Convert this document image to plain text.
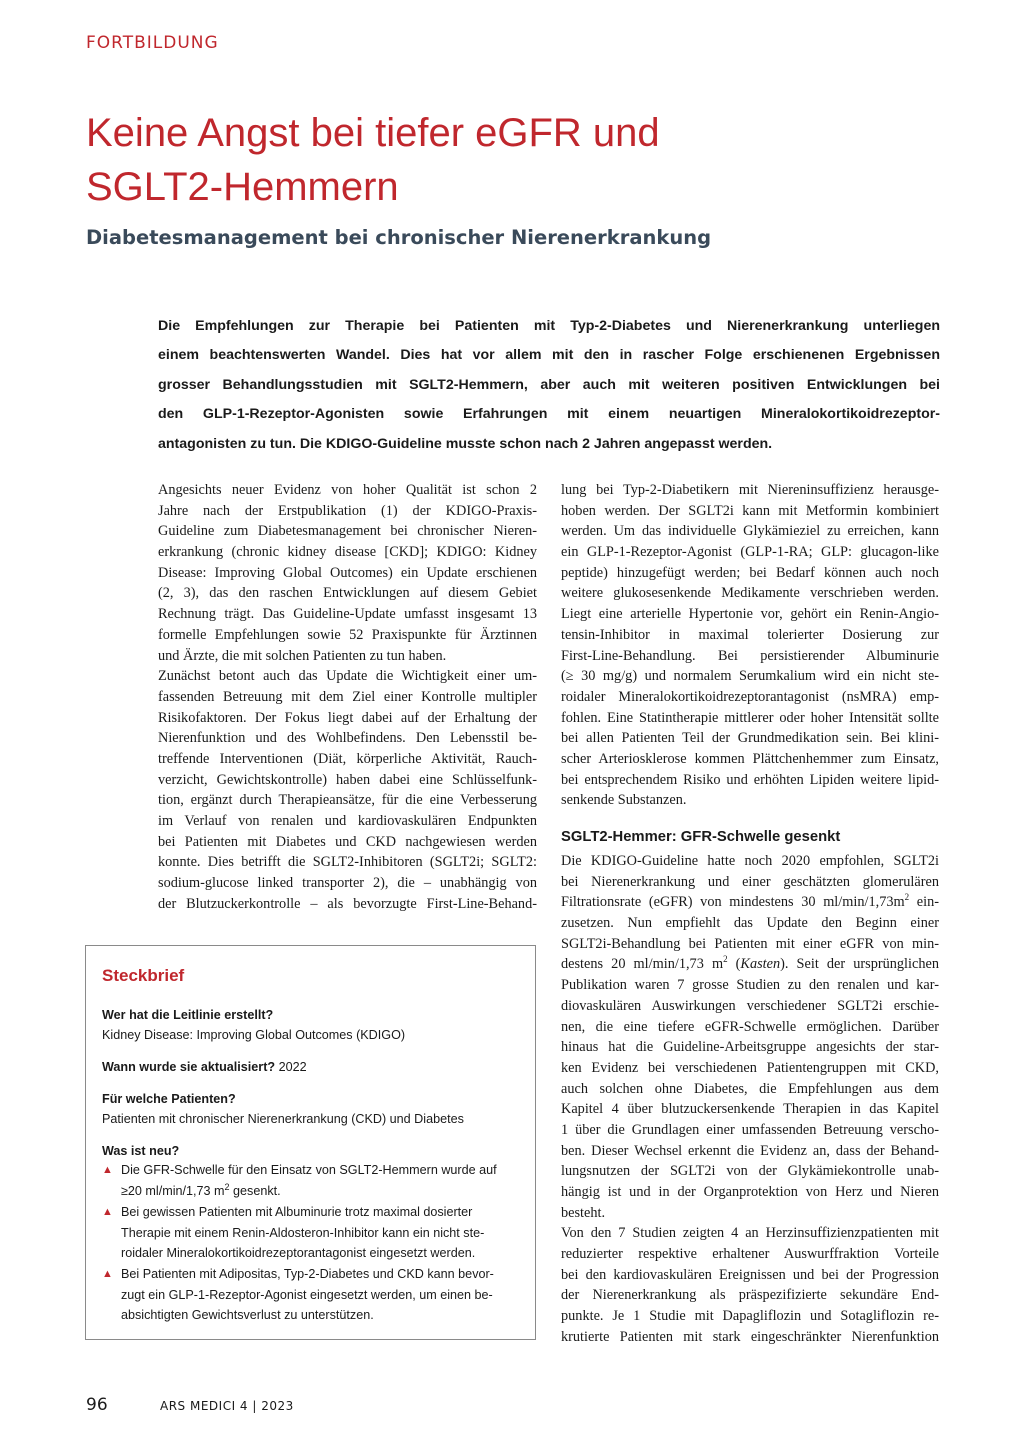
FORTBILDUNG
Keine Angst bei tiefer eGFR und
SGLT2-Hemmern
Diabetesmanagement bei chronischer Nierenerkrankung
Die Empfehlungen zur Therapie bei Patienten mit Typ-2-Diabetes und Nierenerkrankung unterliegen
einem beachtenswerten Wandel. Dies hat vor allem mit den in rascher Folge erschienenen Ergebnissen
grosser Behandlungsstudien mit SGLT2-Hemmern, aber auch mit weiteren positiven Entwicklungen bei
den GLP-1-Rezeptor-Agonisten sowie Erfahrungen mit einem neuartigen Mineralokortikoidrezeptor-
antagonisten zu tun. Die KDIGO-Guideline musste schon nach 2 Jahren angepasst werden.
Angesichts neuer Evidenz von hoher Qualität ist schon 2
Jahre nach der Erstpublikation (1) der KDIGO-Praxis-
Guideline zum Diabetesmanagement bei chronischer Nieren-
erkrankung (chronic kidney disease [CKD]; KDIGO: Kidney
Disease: Improving Global Outcomes) ein Update erschienen
(2, 3), das den raschen Entwicklungen auf diesem Gebiet
Rechnung trägt. Das Guideline-Update umfasst insgesamt 13
formelle Empfehlungen sowie 52 Praxispunkte für Ärztinnen
und Ärzte, die mit solchen Patienten zu tun haben.
Zunächst betont auch das Update die Wichtigkeit einer um-
fassenden Betreuung mit dem Ziel einer Kontrolle multipler
Risikofaktoren. Der Fokus liegt dabei auf der Erhaltung der
Nierenfunktion und des Wohlbefindens. Den Lebensstil be-
treffende Interventionen (Diät, körperliche Aktivität, Rauch-
verzicht, Gewichtskontrolle) haben dabei eine Schlüsselfunk-
tion, ergänzt durch Therapieansätze, für die eine Verbesserung
im Verlauf von renalen und kardiovaskulären Endpunkten
bei Patienten mit Diabetes und CKD nachgewiesen werden
konnte. Dies betrifft die SGLT2-Inhibitoren (SGLT2i; SGLT2:
sodium-glucose linked transporter 2), die – unabhängig von
der Blutzuckerkontrolle – als bevorzugte First-Line-Behand-
lung bei Typ-2-Diabetikern mit Niereninsuffizienz herausge-
hoben werden. Der SGLT2i kann mit Metformin kombiniert
werden. Um das individuelle Glykämieziel zu erreichen, kann
ein GLP-1-Rezeptor-Agonist (GLP-1-RA; GLP: glucagon-like
peptide) hinzugefügt werden; bei Bedarf können auch noch
weitere glukosesenkende Medikamente verschrieben werden.
Liegt eine arterielle Hypertonie vor, gehört ein Renin-Angio-
tensin-Inhibitor in maximal tolerierter Dosierung zur
First-Line-Behandlung. Bei persistierender Albuminurie
(≥ 30 mg/g) und normalem Serumkalium wird ein nicht ste-
roidaler Mineralokortikoidrezeptorantagonist (nsMRA) emp-
fohlen. Eine Statintherapie mittlerer oder hoher Intensität sollte
bei allen Patienten Teil der Grundmedikation sein. Bei klini-
scher Arteriosklerose kommen Plättchenhemmer zum Einsatz,
bei entsprechendem Risiko und erhöhten Lipiden weitere lipid-
senkende Substanzen.
SGLT2-Hemmer: GFR-Schwelle gesenkt
Die KDIGO-Guideline hatte noch 2020 empfohlen, SGLT2i
bei Nierenerkrankung und einer geschätzten glomerulären
Filtrationsrate (eGFR) von mindestens 30 $ml/\min/1,73m^2$ ein-
zusetzen. Nun empfiehlt das Update den Beginn einer
SGLT2i-Behandlung bei Patienten mit einer eGFR von min-
destens 20 ml/min/1,73 $m^2$ (Kasten). Seit der ursprünglichen
Publikation waren 7 grosse Studien zu den renalen und kar-
diovaskulären Auswirkungen verschiedener SGLT2i erschie-
nen, die eine tiefere eGFR-Schwelle ermöglichen. Darüber
hinaus hat die Guideline-Arbeitsgruppe angesichts der star-
ken Evidenz bei verschiedenen Patientengruppen mit CKD,
auch solchen ohne Diabetes, die Empfehlungen aus dem
Kapitel 4 über blutzuckersenkende Therapien in das Kapitel
1 über die Grundlagen einer umfassenden Betreuung verscho-
ben. Dieser Wechsel erkennt die Evidenz an, dass der Behand-
lungsnutzen der SGLT2i von der Glykämiekontrolle unab-
hängig ist und in der Organprotektion von Herz und Nieren
besteht.
Von den 7 Studien zeigten 4 an Herzinsuffizienzpatienten mit
reduzierter respektive erhaltener Auswurffraktion Vorteile
bei den kardiovaskulären Ereignissen und bei der Progression
der Nierenerkrankung als präspezifizierte sekundäre End-
punkte. Je 1 Studie mit Dapagliflozin und Sotagliflozin re-
krutierte Patienten mit stark eingeschränkter Nierenfunktion
Steckbrief
Wer hat die Leitlinie erstellt?
Kidney Disease: Improving Global Outcomes (KDIGO)
Wann wurde sie aktualisiert? 2022
Für welche Patienten?
Patienten mit chronischer Nierenerkrankung (CKD) und Diabetes
Was ist neu?
▲ Die GFR-Schwelle für den Einsatz von SGLT2-Hemmern wurde auf
≥20 ml/min/1,73 $m^2$ gesenkt.
▲ Bei gewissen Patienten mit Albuminurie trotz maximal dosierter
Therapie mit einem Renin-Aldosteron-Inhibitor kann ein nicht ste-
roidaler Mineralokortikoidrezeptorantagonist eingesetzt werden.
▲ Bei Patienten mit Adipositas, Typ-2-Diabetes und CKD kann bevor-
zugt ein GLP-1-Rezeptor-Agonist eingesetzt werden, um einen be-
absichtigten Gewichtsverlust zu unterstützen.
96	ARS MEDICI 4 | 2023
